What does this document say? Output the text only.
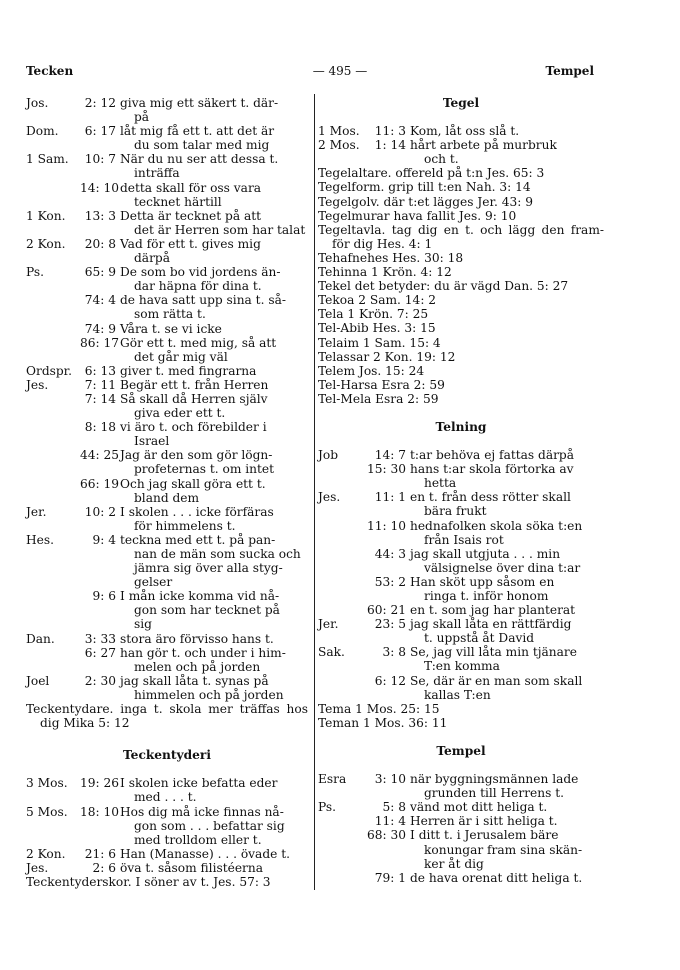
Tecken	— 495 —	Tempel
Jos.	2: 12 giva mig ett säkert t. där-
på
Dom.	6: 17 låt mig få ett t. att det är
du som talar med mig
1 Sam.	10: 7 När du nu ser att dessa t.
inträffa
14: 10 detta skall för oss vara
tecknet härtill
1 Kon.	13: 3 Detta är tecknet på att
det är Herren som har talat
2 Kon.	20: 8 Vad för ett t. gives mig
därpå
Ps.	65: 9 De som bo vid jordens än-
dar häpna för dina t.
74: 4 de hava satt upp sina t. så-
som rätta t.
74: 9 Våra t. se vi icke
86: 17 Gör ett t. med mig, så att
det går mig väl
Ordspr.	6: 13 giver t. med fingrarna
Jes.	7: 11 Begär ett t. från Herren
7: 14 Så skall då Herren själv
giva eder ett t.
8: 18 vi äro t. och förebilder i
Israel
44: 25 Jag är den som gör lögn-
profeternas t. om intet
66: 19 Och jag skall göra ett t.
bland dem
Jer.	10: 2 I skolen . . . icke förfäras
för himmelens t.
Hes.	9: 4 teckna med ett t. på pan-
nan de män som sucka och
jämra sig över alla styg-
gelser
9: 6 I mån icke komma vid nå-
gon som har tecknet på
sig
Dan.	3: 33 stora äro förvisso hans t.
6: 27 han gör t. och under i him-
melen och på jorden
Joel	2: 30 jag skall låta t. synas på
himmelen och på jorden
Teckentydare. inga t. skola mer träffas hos dig Mika 5: 12
Teckentyderi
3 Mos.	19: 26 I skolen icke befatta eder
med . . . t.
5 Mos.	18: 10 Hos dig må icke finnas nå-
gon som . . . befattar sig
med trolldom eller t.
2 Kon.	21: 6 Han (Manasse) . . . övade t.
Jes.	2: 6 öva t. såsom filistéerna
Teckentyderskor. I söner av t. Jes. 57: 3
Tegel
1 Mos.	11: 3 Kom, låt oss slå t.
2 Mos.	1: 14 hårt arbete på murbruk
och t.
Tegelaltare. offereld på t:n Jes. 65: 3
Tegelform. grip till t:en Nah. 3: 14
Tegelgolv. där t:et lägges Jer. 43: 9
Tegelmurar hava fallit Jes. 9: 10
Tegeltavla. tag dig en t. och lägg den fram- för dig Hes. 4: 1
Tehafnehes Hes. 30: 18
Tehinna 1 Krön. 4: 12
Tekel det betyder: du är vägd Dan. 5: 27
Tekoa 2 Sam. 14: 2
Tela 1 Krön. 7: 25
Tel-Abib Hes. 3: 15
Telaim 1 Sam. 15: 4
Telassar 2 Kon. 19: 12
Telem Jos. 15: 24
Tel-Harsa Esra 2: 59
Tel-Mela Esra 2: 59
Telning
Job	14: 7 t:ar behöva ej fattas därpå
15: 30 hans t:ar skola förtorka av
hetta
Jes.	11: 1 en t. från dess rötter skall
bära frukt
11: 10 hednafolken skola söka t:en
från Isais rot
44: 3 jag skall utgjuta . . . min
välsignelse över dina t:ar
53: 2 Han sköt upp såsom en
ringa t. inför honom
60: 21 en t. som jag har planterat
Jer.	23: 5 jag skall låta en rättfärdig
t. uppstå åt David
Sak.	3: 8 Se, jag vill låta min tjänare
T:en komma
6: 12 Se, där är en man som skall
kallas T:en
Tema 1 Mos. 25: 15
Teman 1 Mos. 36: 11
Tempel
Esra	3: 10 när byggningsmännen lade
grunden till Herrens t.
Ps.	5: 8 vänd mot ditt heliga t.
11: 4 Herren är i sitt heliga t.
68: 30 I ditt t. i Jerusalem bäre
konungar fram sina skän-
ker åt dig
79: 1 de hava orenat ditt heliga t.
